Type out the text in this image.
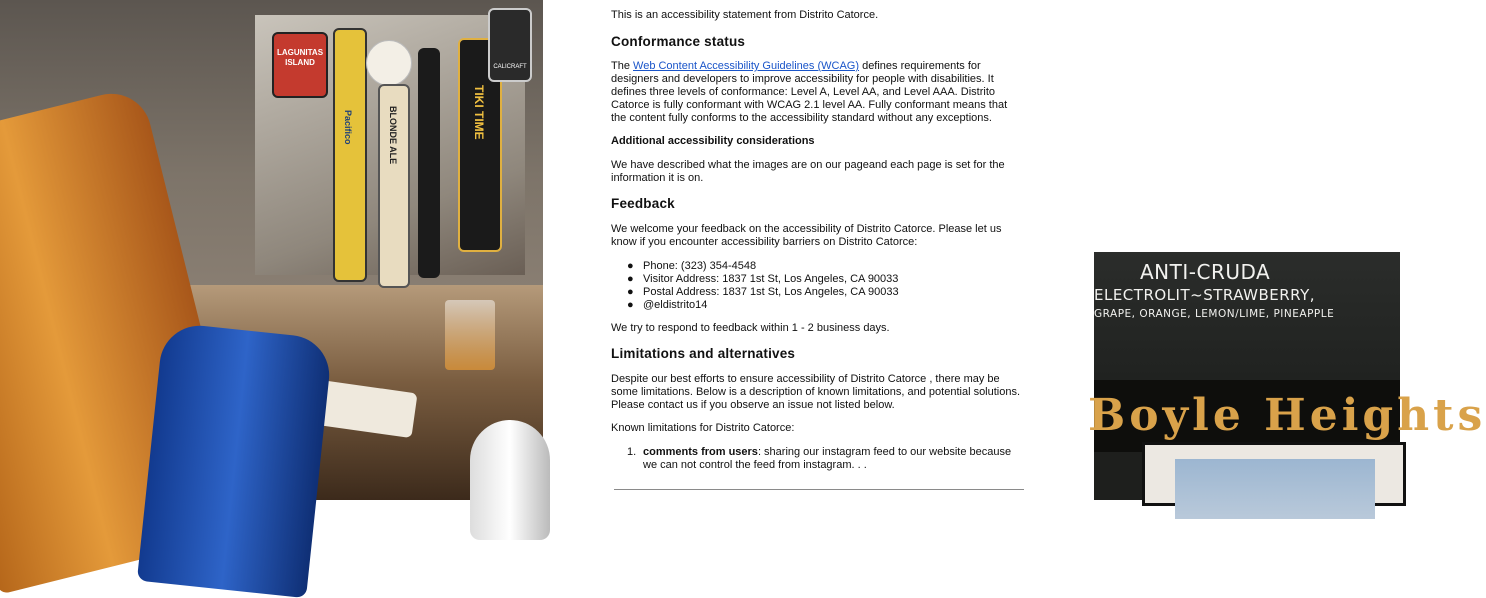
LAGUNITAS ISLAND
Pacifico	BLONDE ALE	TIKI TIME
CALICRAFT

This is an accessibility statement from Distrito Catorce.

Conformance status

The Web Content Accessibility Guidelines (WCAG) defines requirements for designers and developers to improve accessibility for people with disabilities. It defines three levels of conformance: Level A, Level AA, and Level AAA. Distrito Catorce is fully conformant with WCAG 2.1 level AA. Fully conformant means that the content fully conforms to the accessibility standard without any exceptions.

Additional accessibility considerations

We have described what the images are on our pageand each page is set for the information it is on.

Feedback

We welcome your feedback on the accessibility of Distrito Catorce. Please let us know if you encounter accessibility barriers on Distrito Catorce:

● Phone: (323) 354-4548
● Visitor Address: 1837 1st St, Los Angeles, CA 90033
● Postal Address: 1837 1st St, Los Angeles, CA 90033
● @eldistrito14

We try to respond to feedback within 1 - 2 business days.

Limitations and alternatives

Despite our best efforts to ensure accessibility of Distrito Catorce , there may be some limitations. Below is a description of known limitations, and potential solutions. Please contact us if you observe an issue not listed below.

Known limitations for Distrito Catorce:

1. comments from users: sharing our instagram feed to our website because we can not control the feed from instagram. . .
ANTI-CRUDA
ELECTROLIT~STRAWBERRY,
GRAPE, ORANGE, LEMON/LIME, PINEAPPLE
Boyle Heights
